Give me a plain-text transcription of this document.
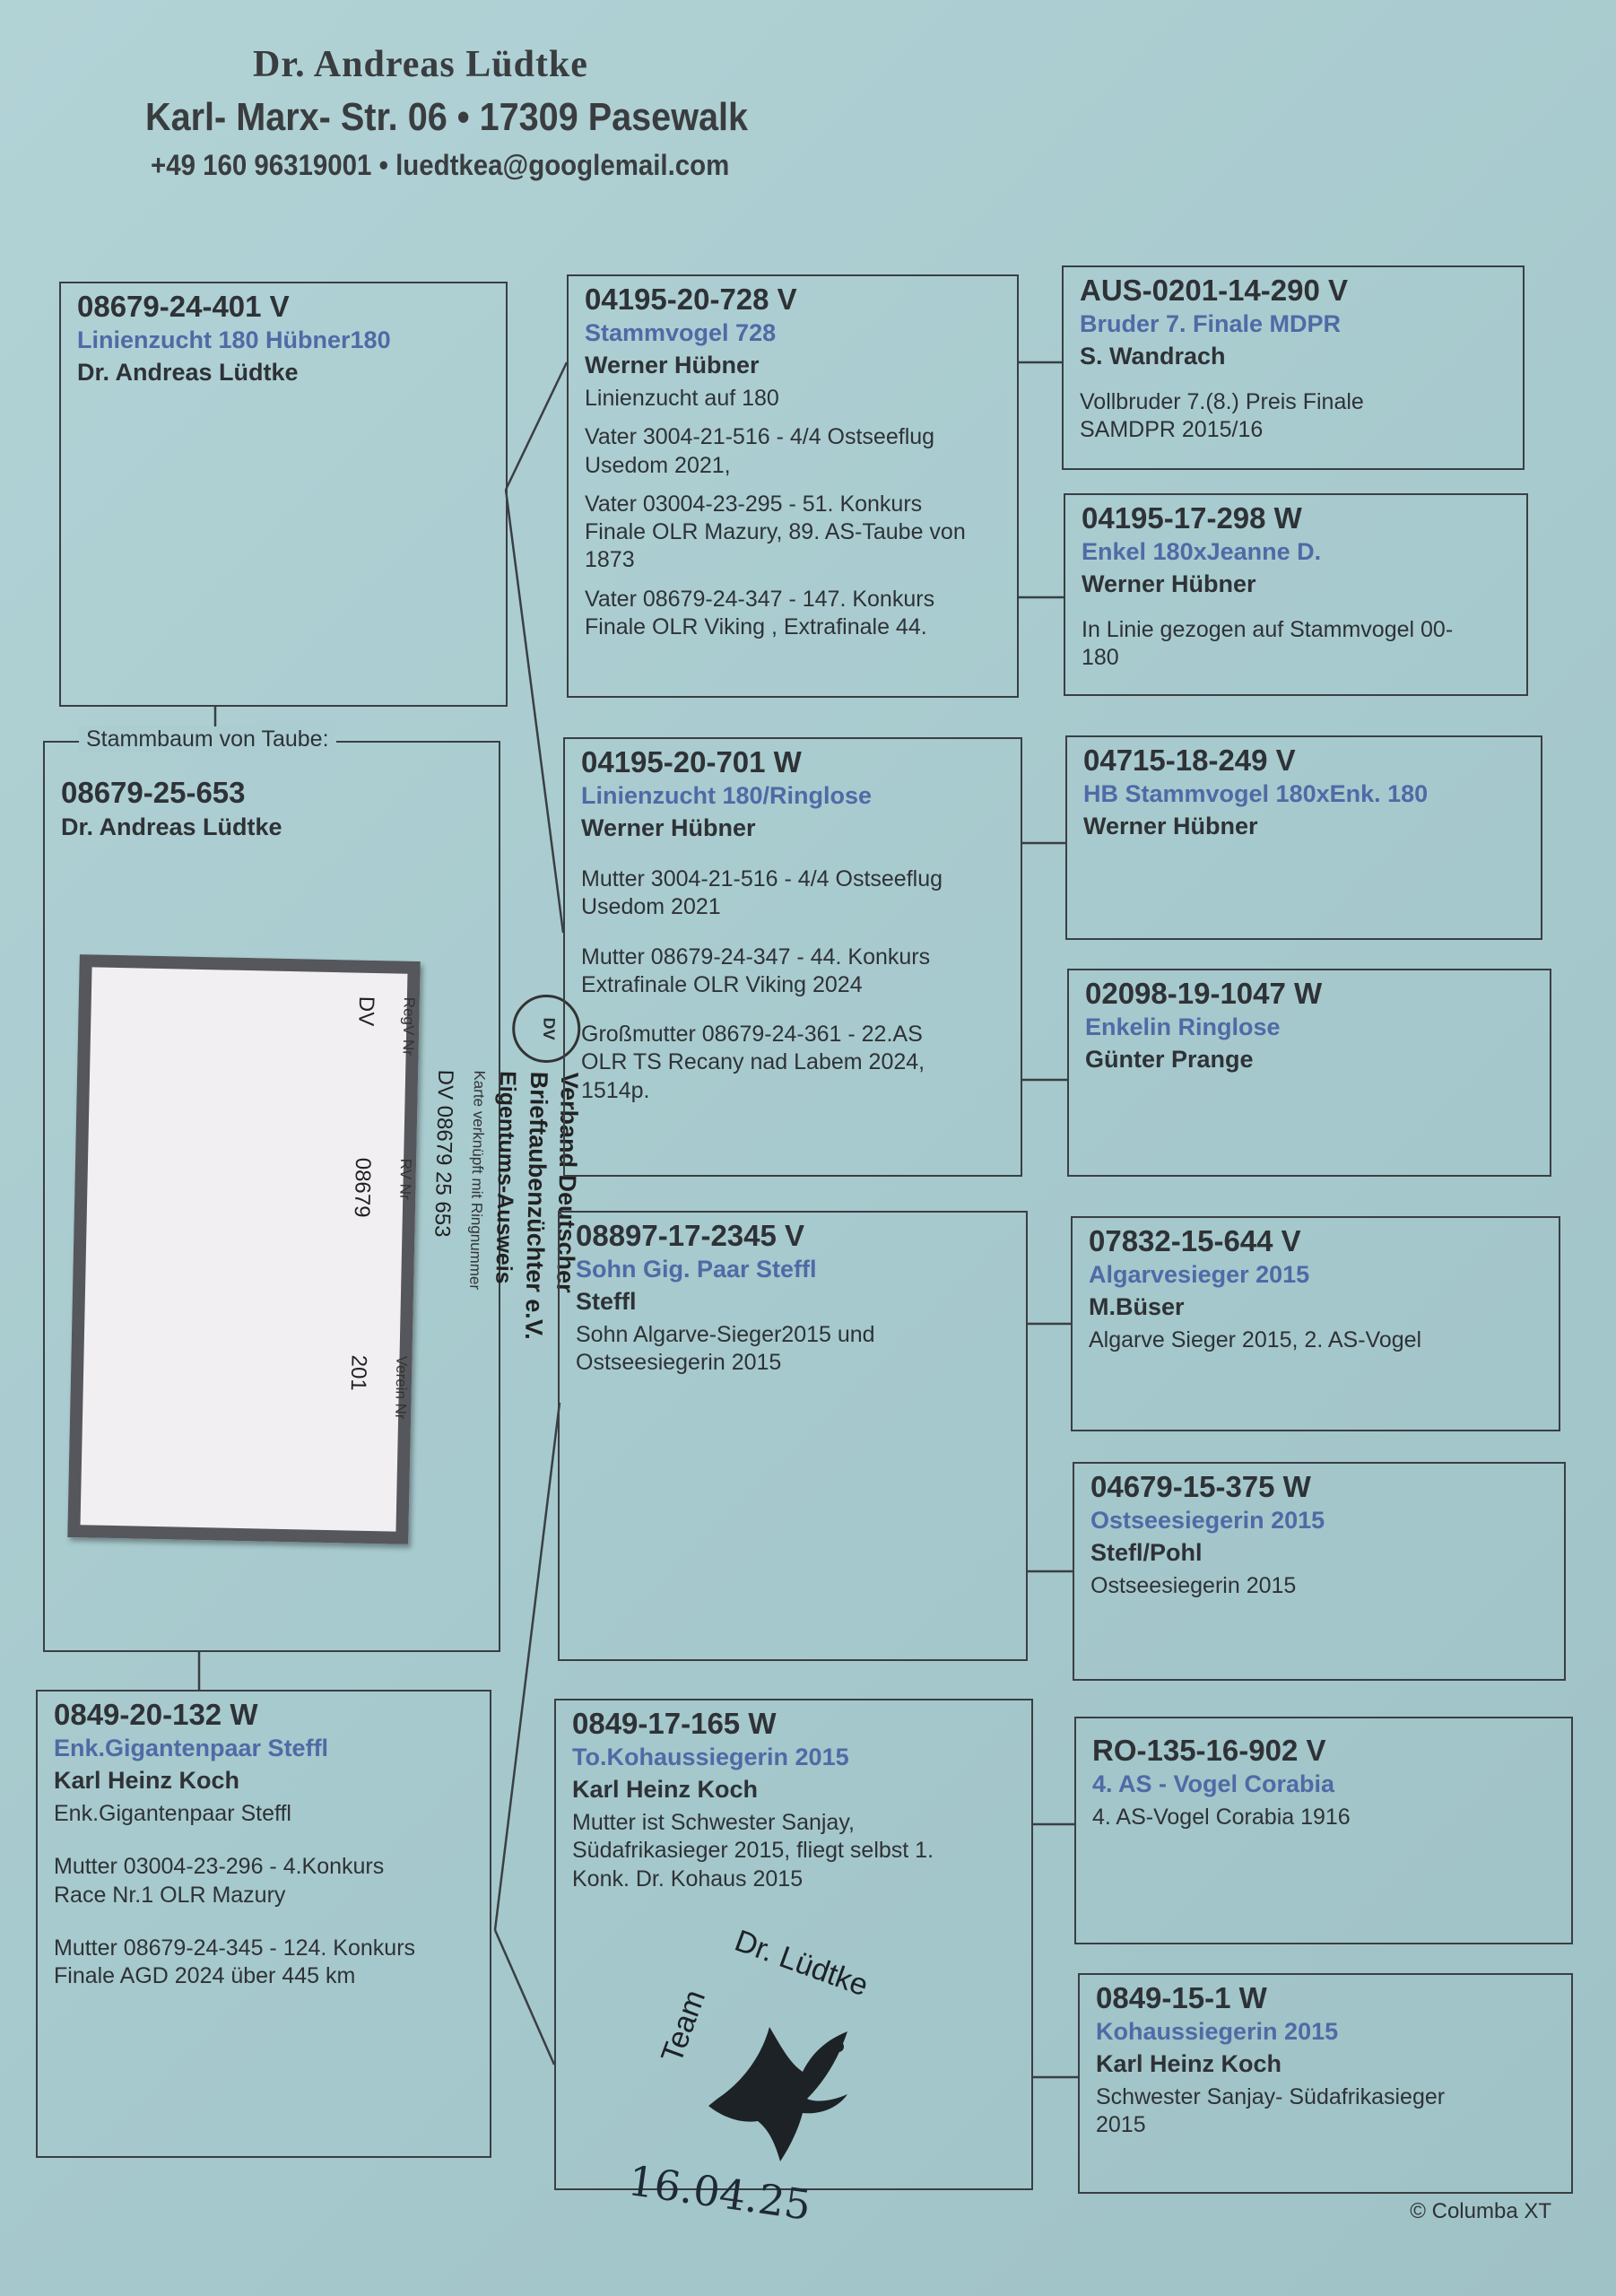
Dr. Andreas Lüdtke
Karl- Marx- Str. 06 • 17309 Pasewalk
+49 160 96319001 • luedtkea@googlemail.com
08679-24-401 V
Linienzucht 180 Hübner180
Dr. Andreas Lüdtke
08679-25-653
Dr. Andreas Lüdtke
Stammbaum von Taube:
DV
Verband Deutscher
Brieftaubenzüchter e.V.
Eigentums-Ausweis
Karte verknüpft mit Ringnummer
DV 08679 25 653
RegV Nr
RV Nr
Verein Nr
DV
08679
201
0849-20-132 W
Enk.Gigantenpaar Steffl
Karl Heinz Koch
Enk.Gigantenpaar Steffl
Mutter 03004-23-296 - 4.Konkurs
Race Nr.1 OLR Mazury
Mutter 08679-24-345 - 124. Konkurs
Finale AGD 2024 über 445 km
04195-20-728 V
Stammvogel 728
Werner Hübner
Linienzucht auf 180
Vater 3004-21-516 - 4/4 Ostseeflug
Usedom 2021,
Vater 03004-23-295 - 51. Konkurs
Finale OLR Mazury, 89. AS-Taube von
1873
Vater 08679-24-347 - 147. Konkurs
Finale OLR Viking , Extrafinale 44.
04195-20-701 W
Linienzucht 180/Ringlose
Werner Hübner
Mutter 3004-21-516 - 4/4 Ostseeflug
Usedom 2021
Mutter 08679-24-347 - 44. Konkurs
Extrafinale OLR Viking 2024
Großmutter 08679-24-361 - 22.AS
OLR TS Recany nad Labem 2024,
1514p.
08897-17-2345 V
Sohn Gig. Paar Steffl
Steffl
Sohn Algarve-Sieger2015 und
Ostseesiegerin 2015
0849-17-165 W
To.Kohaussiegerin 2015
Karl Heinz Koch
Mutter ist Schwester Sanjay,
Südafrikasieger 2015, fliegt selbst 1.
Konk. Dr. Kohaus 2015
AUS-0201-14-290 V
Bruder 7. Finale MDPR
S. Wandrach
Vollbruder 7.(8.) Preis Finale
SAMDPR 2015/16
04195-17-298 W
Enkel 180xJeanne D.
Werner Hübner
In Linie gezogen auf Stammvogel 00-
180
04715-18-249 V
HB Stammvogel 180xEnk. 180
Werner Hübner
02098-19-1047 W
Enkelin Ringlose
Günter Prange
07832-15-644 V
Algarvesieger 2015
M.Büser
Algarve Sieger 2015, 2. AS-Vogel
04679-15-375 W
Ostseesiegerin 2015
Stefl/Pohl
Ostseesiegerin 2015
RO-135-16-902 V
4. AS - Vogel Corabia
4. AS-Vogel Corabia 1916
0849-15-1 W
Kohaussiegerin 2015
Karl Heinz Koch
Schwester Sanjay- Südafrikasieger
2015
Team
Dr. Lüdtke
16.04.25	© Columba XT
